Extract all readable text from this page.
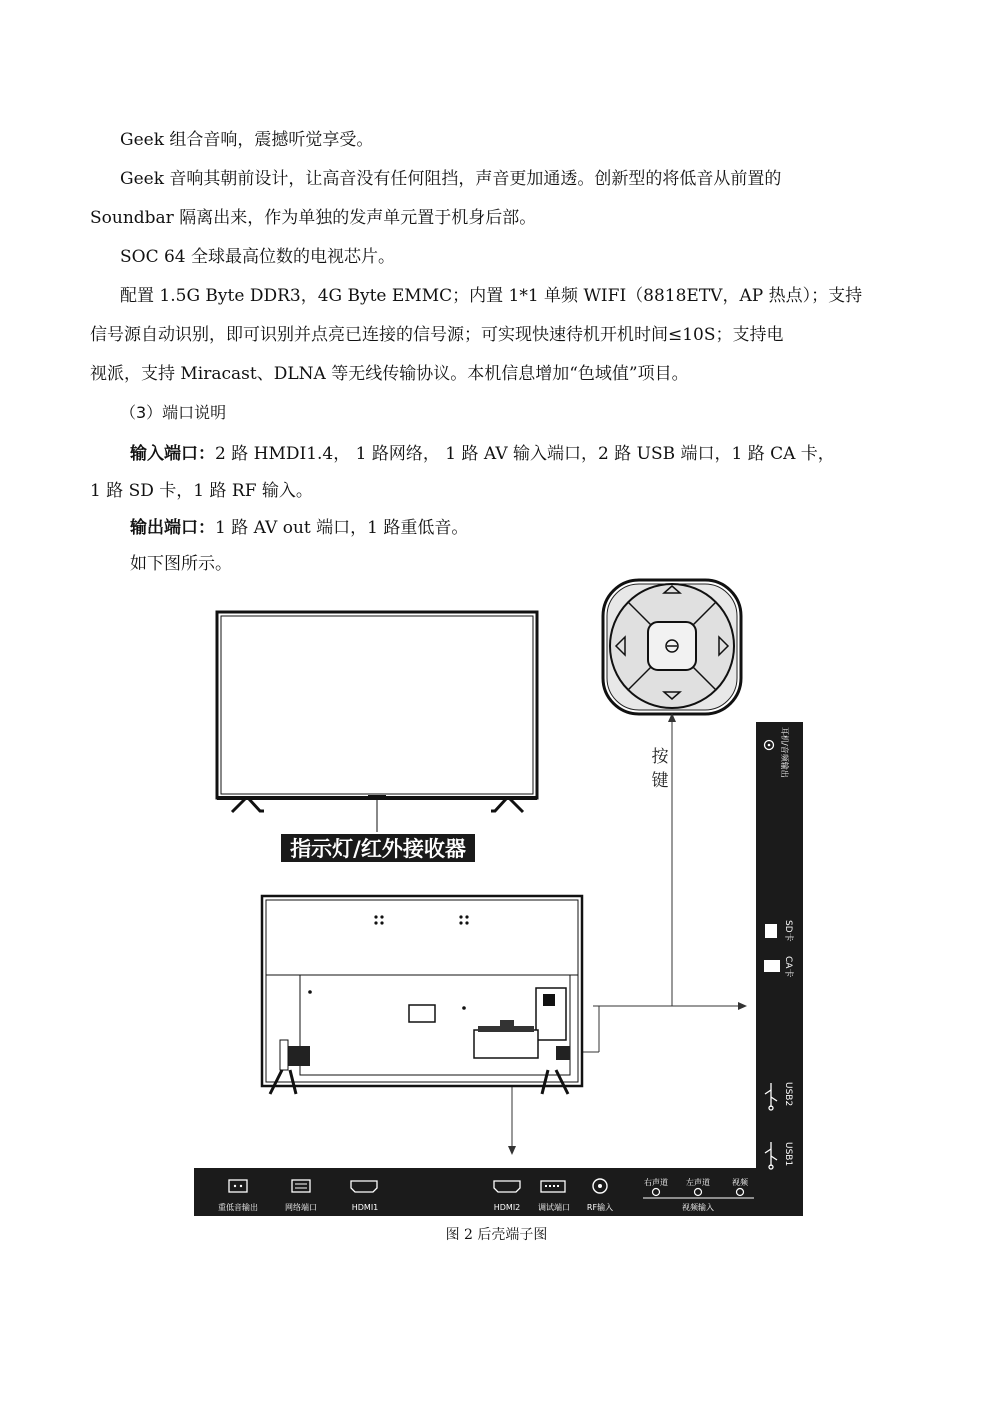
Geek 组合音响，震撼听觉享受。
Geek 音响其朝前设计，让高音没有任何阻挡，声音更加通透。创新型的将低音从前置的
Soundbar 隔离出来，作为单独的发声单元置于机身后部。
SOC 64 全球最高位数的电视芯片。
配置 1.5G Byte DDR3，4G Byte EMMC；内置 1*1 单频 WIFI（8818ETV，AP 热点）；支持
信号源自动识别，即可识别并点亮已连接的信号源；可实现快速待机开机时间≤10S；支持电
视派，支持 Miracast、DLNA 等无线传输协议。本机信息增加“色域值”项目。
（3）端口说明
输入端口：2 路 HMDI1.4， 1 路网络， 1 路 AV 输入端口，2 路 USB 端口，1 路 CA 卡，
1 路 SD 卡，1 路 RF 输入。
输出端口：1 路 AV out 端口，1 路重低音。
如下图所示。
指示灯/红外接收器
按
键
右声道 左声道	视频
重低音输出	网络端口	HDMI1	HDMI2 调试端口 RF输入	视频输入
耳机/音频输出
SD卡
CA卡
USB2
USB1
图 2 后壳端子图
